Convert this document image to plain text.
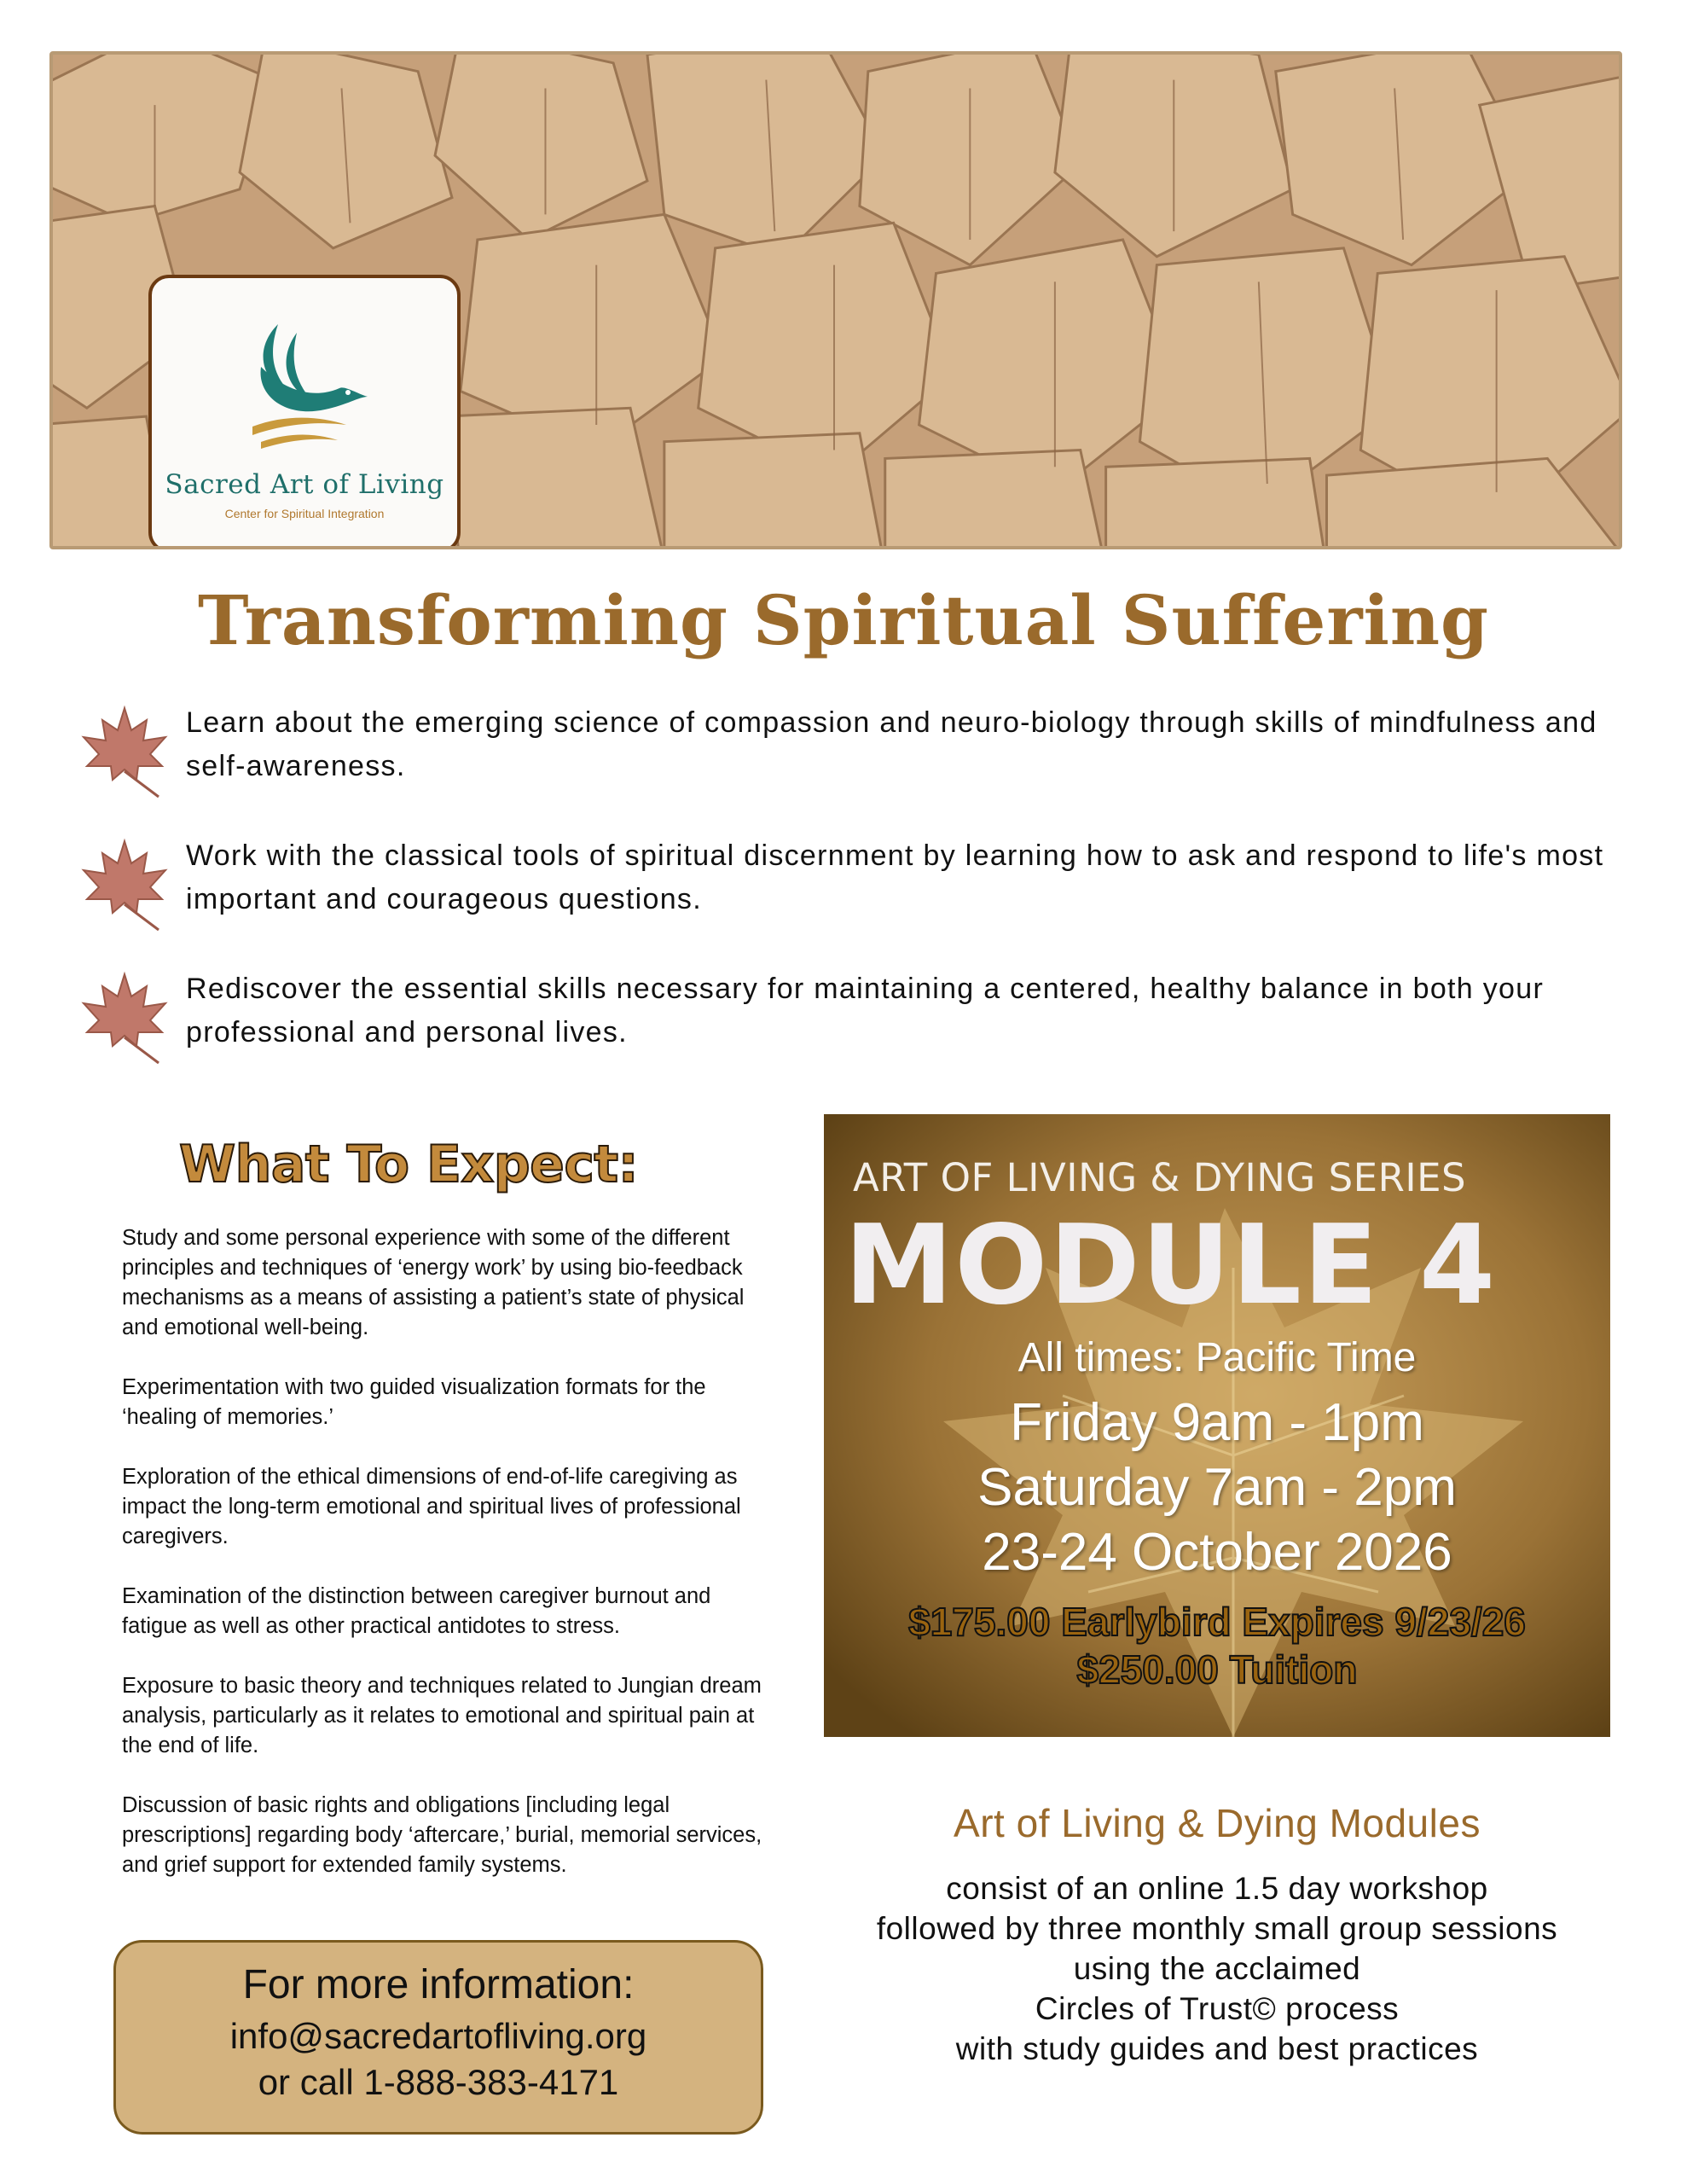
Sacred Art of Living
Center for Spiritual Integration
Transforming Spiritual Suffering
Learn about the emerging science of compassion and neuro-biology through skills of mindfulness and self-awareness.
Work with the classical tools of spiritual discernment by learning how to ask and respond to life's most important and courageous questions.
Rediscover the essential skills necessary for maintaining a centered, healthy balance in both your professional and personal lives.
What To Expect:

Study and some personal experience with some of the different principles and techniques of ‘energy work’ by using bio-feedback mechanisms as a means of assisting a patient’s state of physical and emotional well-being.

Experimentation with two guided visualization formats for the ‘healing of memories.’

Exploration of the ethical dimensions of end-of-life caregiving as impact the long-term emotional and spiritual lives of professional caregivers.

Examination of the distinction between caregiver burnout and fatigue as well as other practical antidotes to stress.

Exposure to basic theory and techniques related to Jungian dream analysis, particularly as it relates to emotional and spiritual pain at the end of life.

Discussion of basic rights and obligations [including legal prescriptions] regarding body ‘aftercare,’ burial, memorial services, and grief support for extended family systems.

ART OF LIVING & DYING SERIES
MODULE 4
All times: Pacific Time
Friday 9am - 1pm
Saturday 7am - 2pm
23-24 October 2026
$175.00 Earlybird Expires 9/23/26
$250.00 Tuition
Art of Living & Dying Modules
consist of an online 1.5 day workshop
followed by three monthly small group sessions
using the acclaimed
Circles of Trust© process
with study guides and best practices
For more information:
info@sacredartofliving.org
or call 1-888-383-4171
